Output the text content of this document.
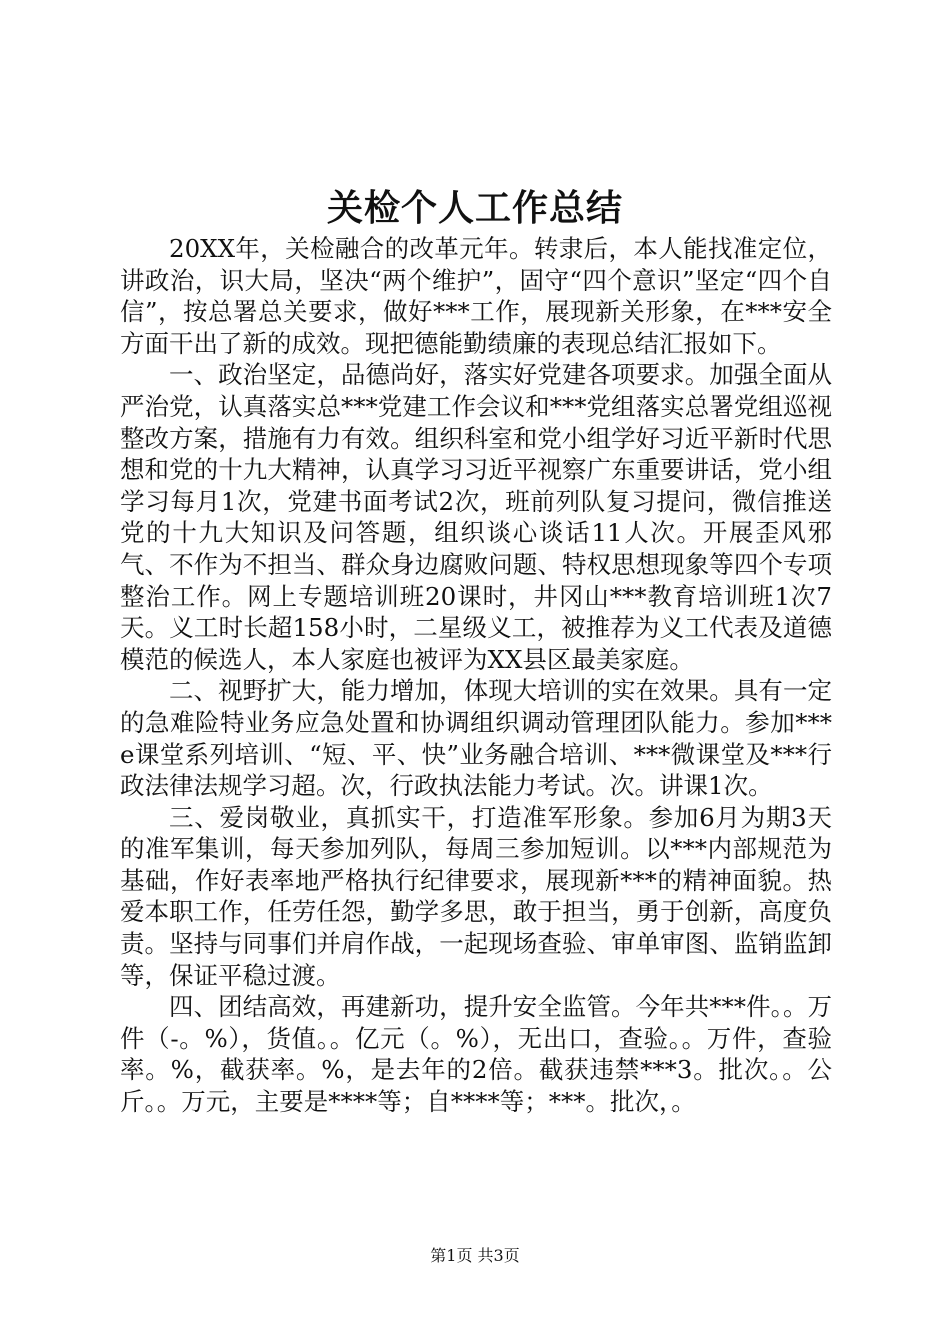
关检个人工作总结

20XX年，关检融合的改革元年。转隶后，本人能找准定位，讲政治，识大局，坚决“两个维护”，固守“四个意识”坚定“四个自信”，按总署总关要求，做好***工作，展现新关形象，在***安全方面干出了新的成效。现把德能勤绩廉的表现总结汇报如下。

一、政治坚定，品德尚好，落实好党建各项要求。加强全面从严治党，认真落实总***党建工作会议和***党组落实总署党组巡视整改方案，措施有力有效。组织科室和党小组学好习近平新时代思想和党的十九大精神，认真学习习近平视察广东重要讲话，党小组学习每月1次，党建书面考试2次，班前列队复习提问，微信推送党的十九大知识及问答题，组织谈心谈话11人次。开展歪风邪气、不作为不担当、群众身边腐败问题、特权思想现象等四个专项整治工作。网上专题培训班20课时，井冈山***教育培训班1次7天。义工时长超158小时，二星级义工，被推荐为义工代表及道德模范的候选人，本人家庭也被评为XX县区最美家庭。

二、视野扩大，能力增加，体现大培训的实在效果。具有一定的急难险特业务应急处置和协调组织调动管理团队能力。参加***e课堂系列培训、“短、平、快”业务融合培训、***微课堂及***行政法律法规学习超。次，行政执法能力考试。次。讲课1次。

三、爱岗敬业，真抓实干，打造准军形象。参加6月为期3天的准军集训，每天参加列队，每周三参加短训。以***内部规范为基础，作好表率地严格执行纪律要求，展现新***的精神面貌。热爱本职工作，任劳任怨，勤学多思，敢于担当，勇于创新，高度负责。坚持与同事们并肩作战，一起现场查验、审单审图、监销监卸等，保证平稳过渡。

四、团结高效，再建新功，提升安全监管。今年共***件。。万件（-。%），货值。。亿元（。%），无出口，查验。。万件，查验率。%，截获率。%，是去年的2倍。截获违禁***3。批次。。公斤。。万元，主要是****等；自****等；***。批次，。

第1页 共3页
